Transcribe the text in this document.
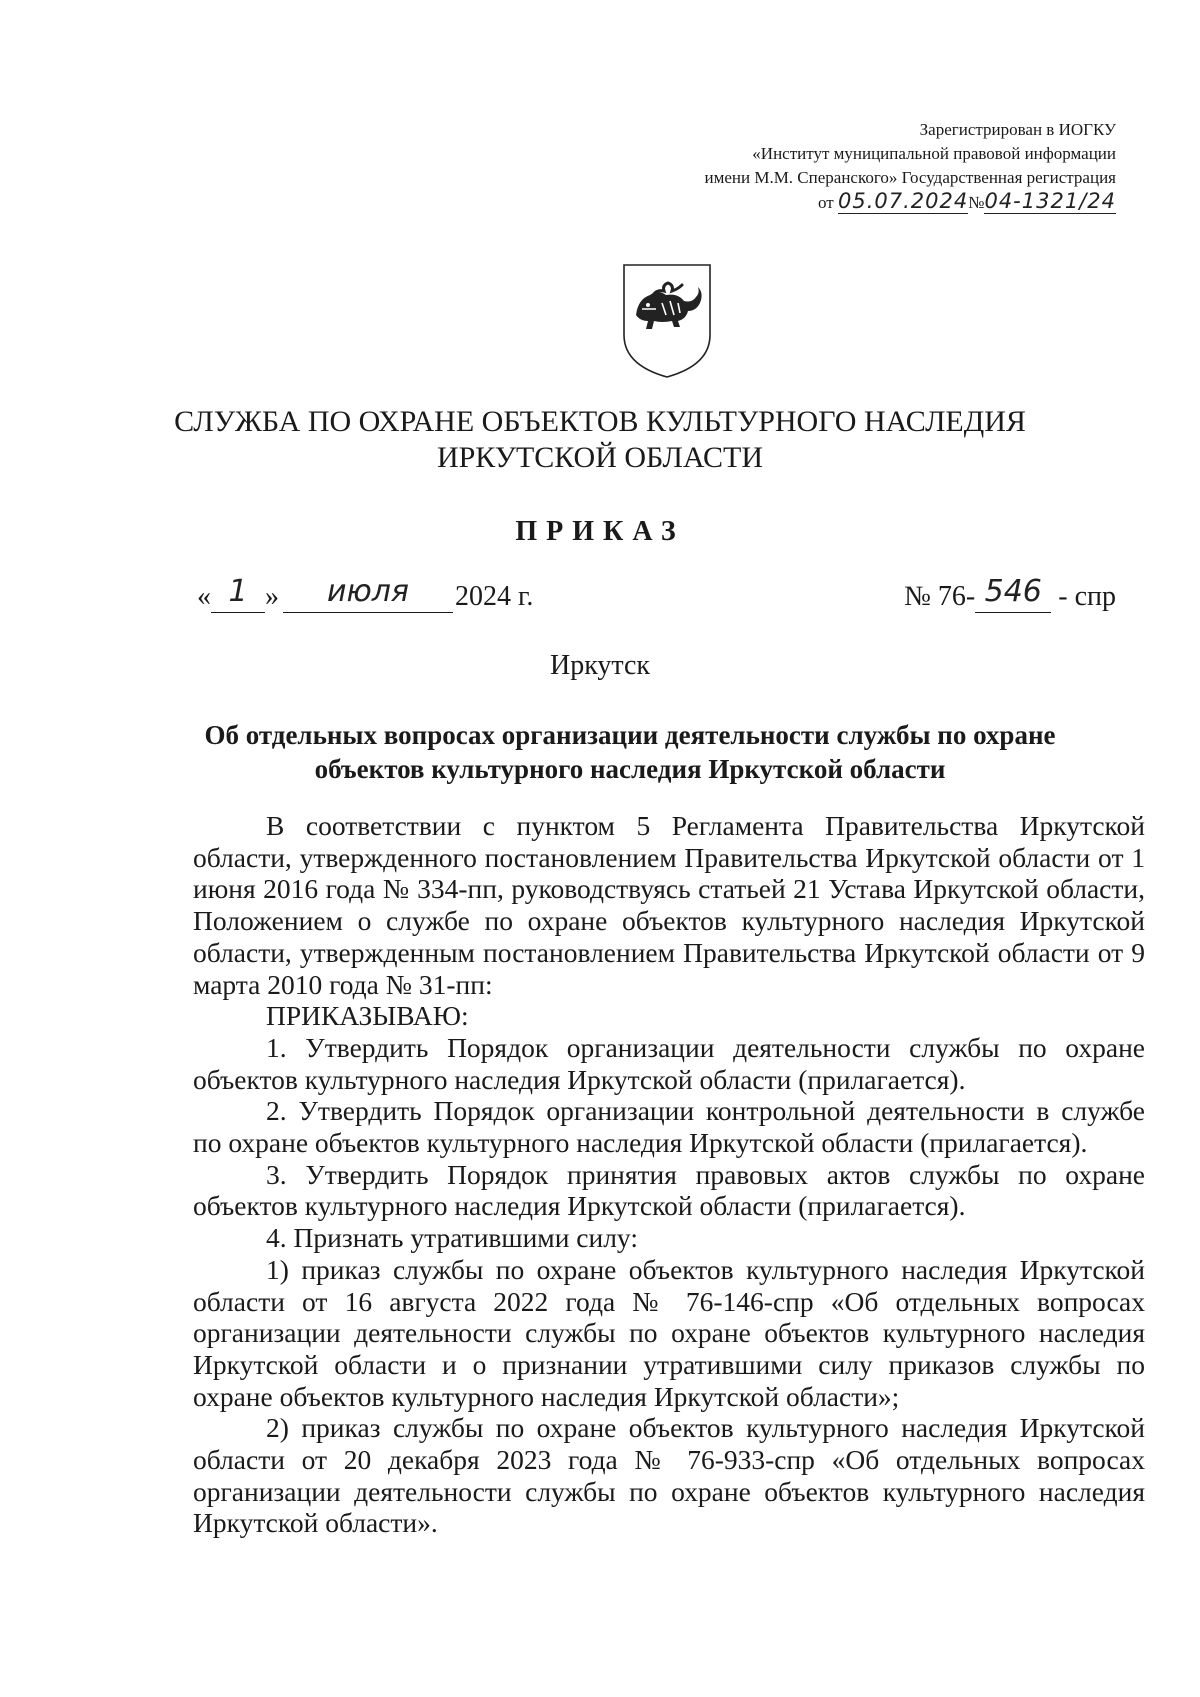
Зарегистрирован в ИОГКУ
«Институт муниципальной правовой информации
имени М.М. Сперанского» Государственная регистрация
от 05.07.2024№04-1321/24
СЛУЖБА ПО ОХРАНЕ ОБЪЕКТОВ КУЛЬТУРНОГО НАСЛЕДИЯ
ИРКУТСКОЙ ОБЛАСТИ
ПРИКАЗ
« 1 » июля 2024 г.	№ 76- 546 - спр
Иркутск
Об отдельных вопросах организации деятельности службы по охране
объектов культурного наследия Иркутской области

В соответствии с пунктом 5 Регламента Правительства Иркутской области, утвержденного постановлением Правительства Иркутской области от 1 июня 2016 года № 334-пп, руководствуясь статьей 21 Устава Иркутской области, Положением о службе по охране объектов культурного наследия Иркутской области, утвержденным постановлением Правительства Иркутской области от 9 марта 2010 года № 31-пп:

ПРИКАЗЫВАЮ:

1. Утвердить Порядок организации деятельности службы по охране объектов культурного наследия Иркутской области (прилагается).

2. Утвердить Порядок организации контрольной деятельности в службе по охране объектов культурного наследия Иркутской области (прилагается).

3. Утвердить Порядок принятия правовых актов службы по охране объектов культурного наследия Иркутской области (прилагается).

4. Признать утратившими силу:

1) приказ службы по охране объектов культурного наследия Иркутской области от 16 августа 2022 года № 76-146-спр «Об отдельных вопросах организации деятельности службы по охране объектов культурного наследия Иркутской области и о признании утратившими силу приказов службы по охране объектов культурного наследия Иркутской области»;

2) приказ службы по охране объектов культурного наследия Иркутской области от 20 декабря 2023 года № 76-933-спр «Об отдельных вопросах организации деятельности службы по охране объектов культурного наследия Иркутской области».
